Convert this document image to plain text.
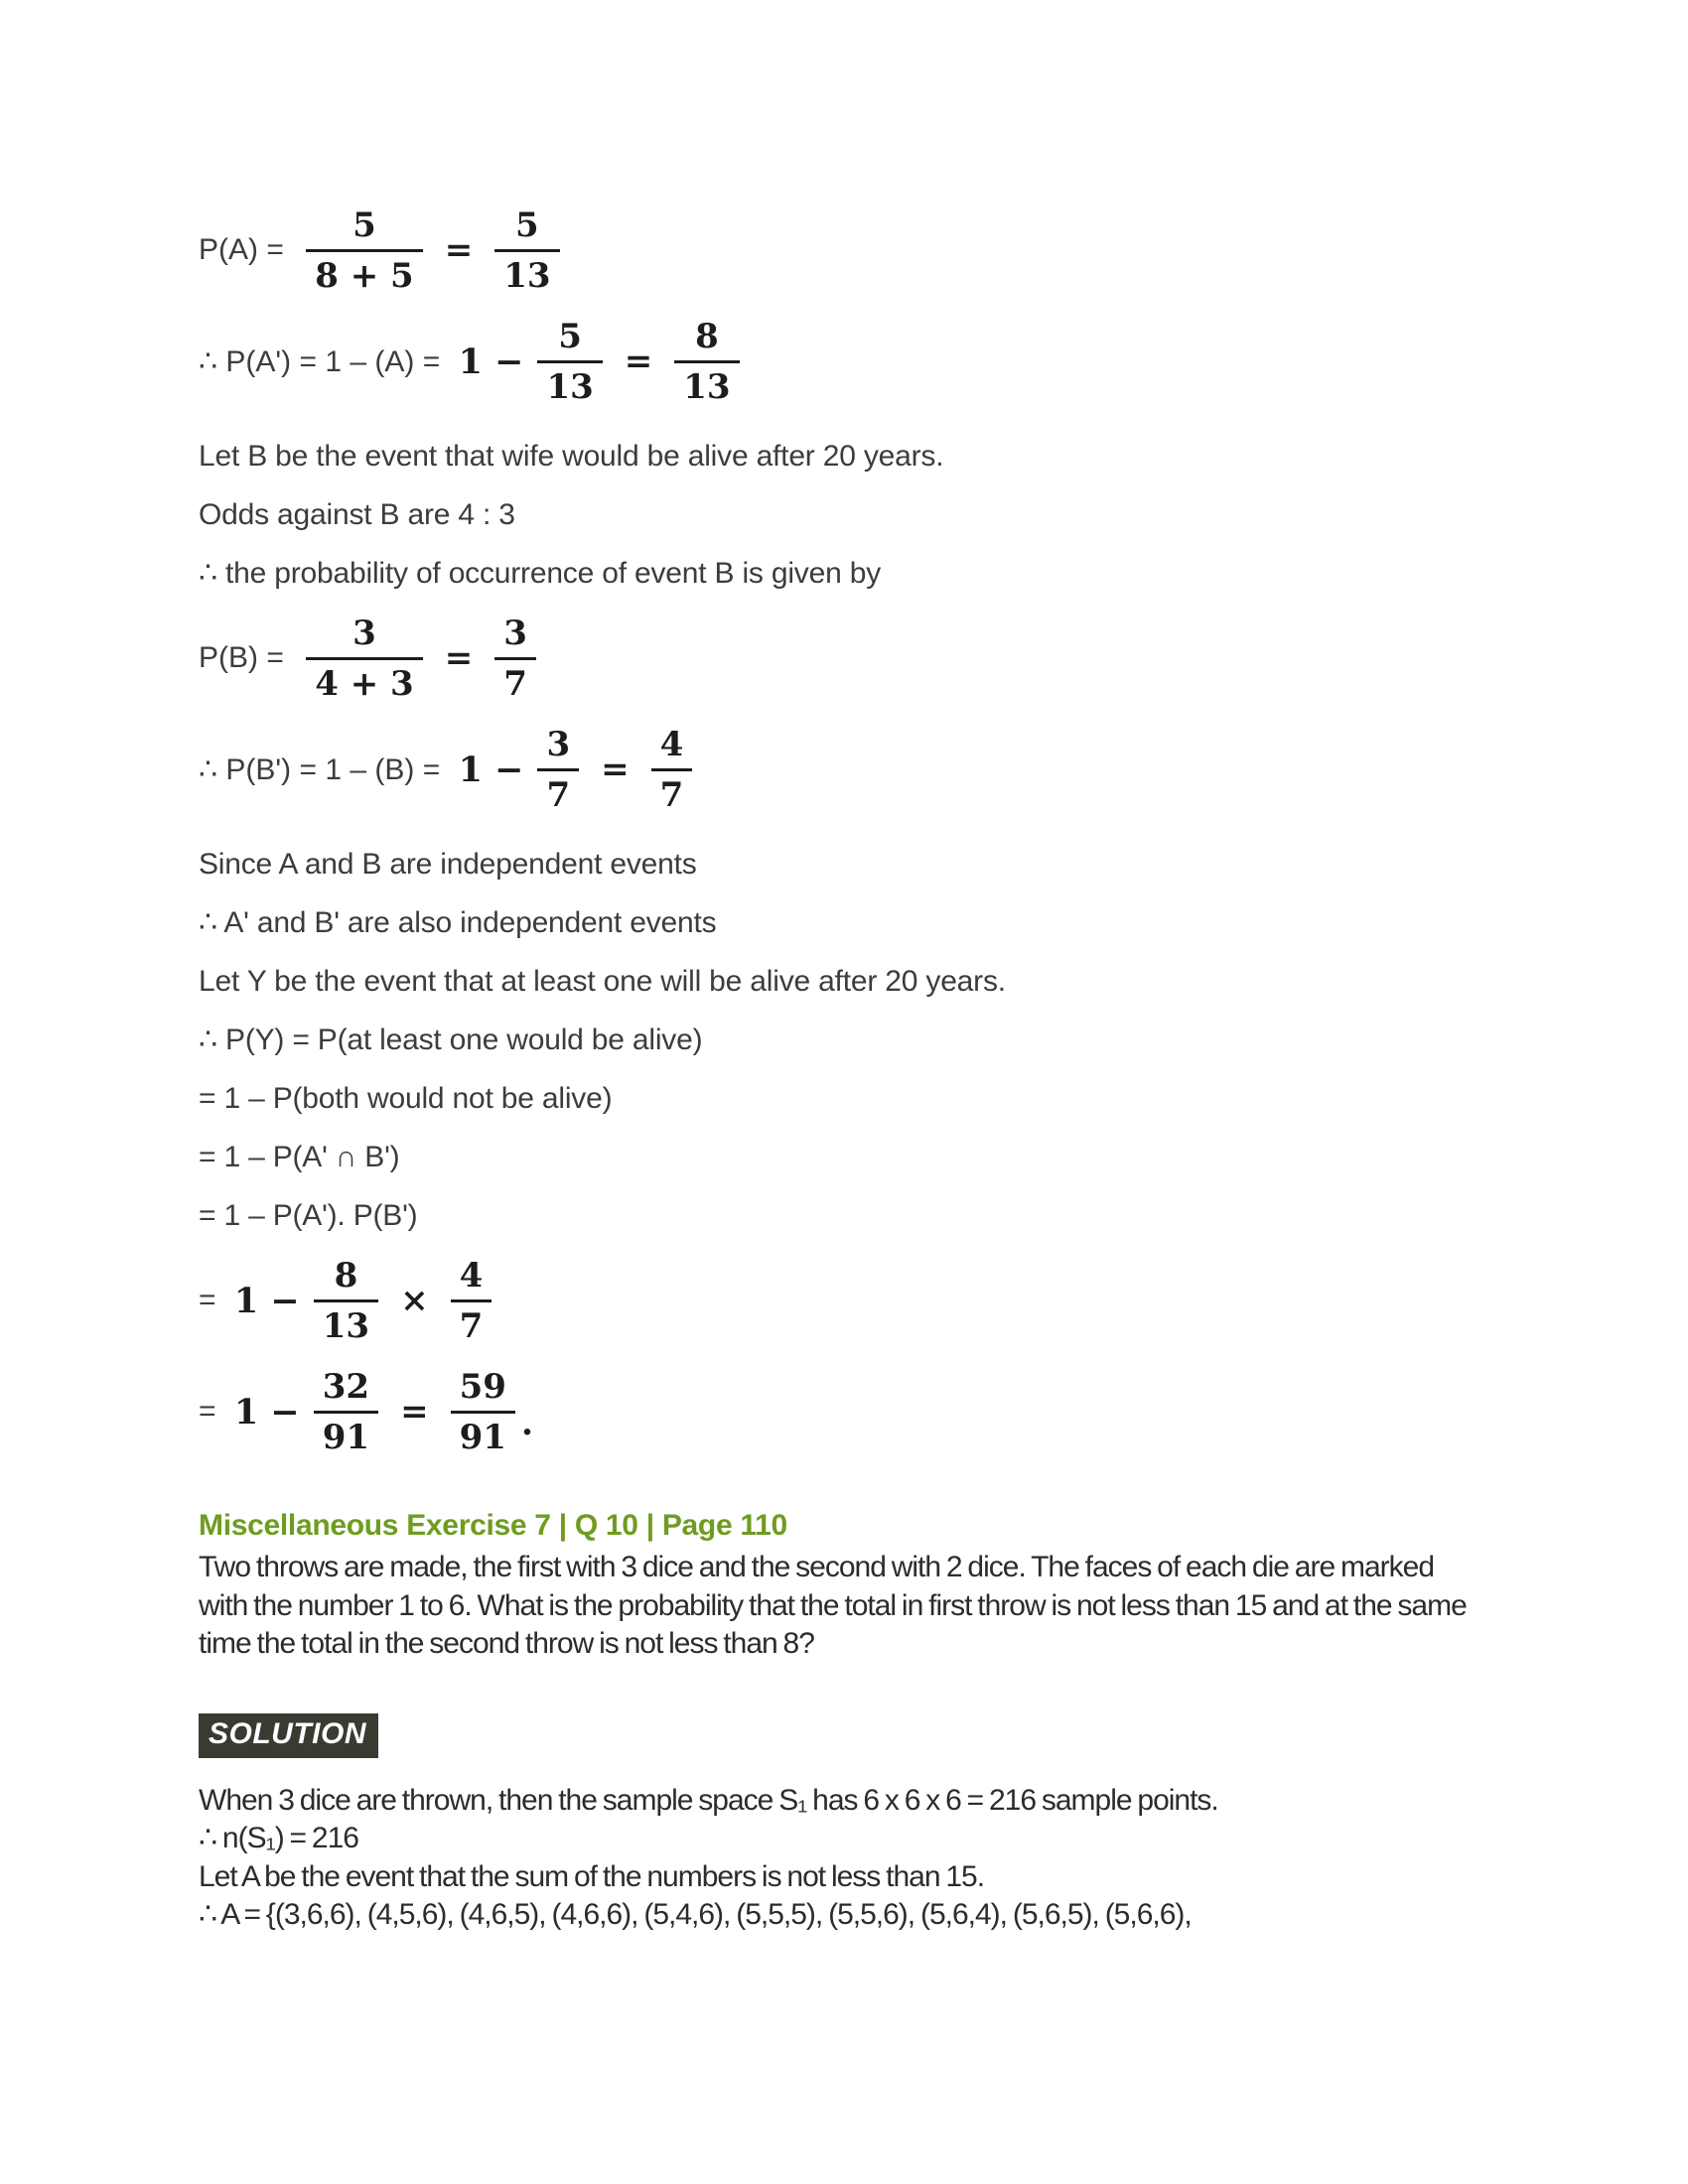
$P(A) = \frac{5}{8 + 5} = \frac{5}{13}$
∴ $P(A') = 1 - (A) = 1 - \frac{5}{13} = \frac{8}{13}$
Let B be the event that wife would be alive after 20 years.
Odds against B are 4 : 3
∴ the probability of occurrence of event B is given by
$P(B) = \frac{3}{4 + 3} = \frac{3}{7}$
∴ $P(B') = 1 - (B) = 1 - \frac{3}{7} = \frac{4}{7}$
Since A and B are independent events
∴ A' and B' are also independent events
Let Y be the event that at least one will be alive after 20 years.
∴ P(Y) = P(at least one would be alive)
= 1 – P(both would not be alive)
= 1 – P(A' ∩ B')
= 1 – P(A'). P(B')
= $1 - \frac{8}{13} \times \frac{4}{7}$
= $1 - \frac{32}{91} = \frac{59}{91}$ .
Miscellaneous Exercise 7 | Q 10 | Page 110
Two throws are made, the first with 3 dice and the second with 2 dice. The faces of each die are marked with the number 1 to 6. What is the probability that the total in first throw is not less than 15 and at the same time the total in the second throw is not less than 8?
SOLUTION
When 3 dice are thrown, then the sample space S₁ has 6 x 6 x 6 = 216 sample points.
∴ n(S₁) = 216
Let A be the event that the sum of the numbers is not less than 15.
∴ A = {(3,6,6), (4,5,6), (4,6,5), (4,6,6), (5,4,6), (5,5,5), (5,5,6), (5,6,4), (5,6,5), (5,6,6),
